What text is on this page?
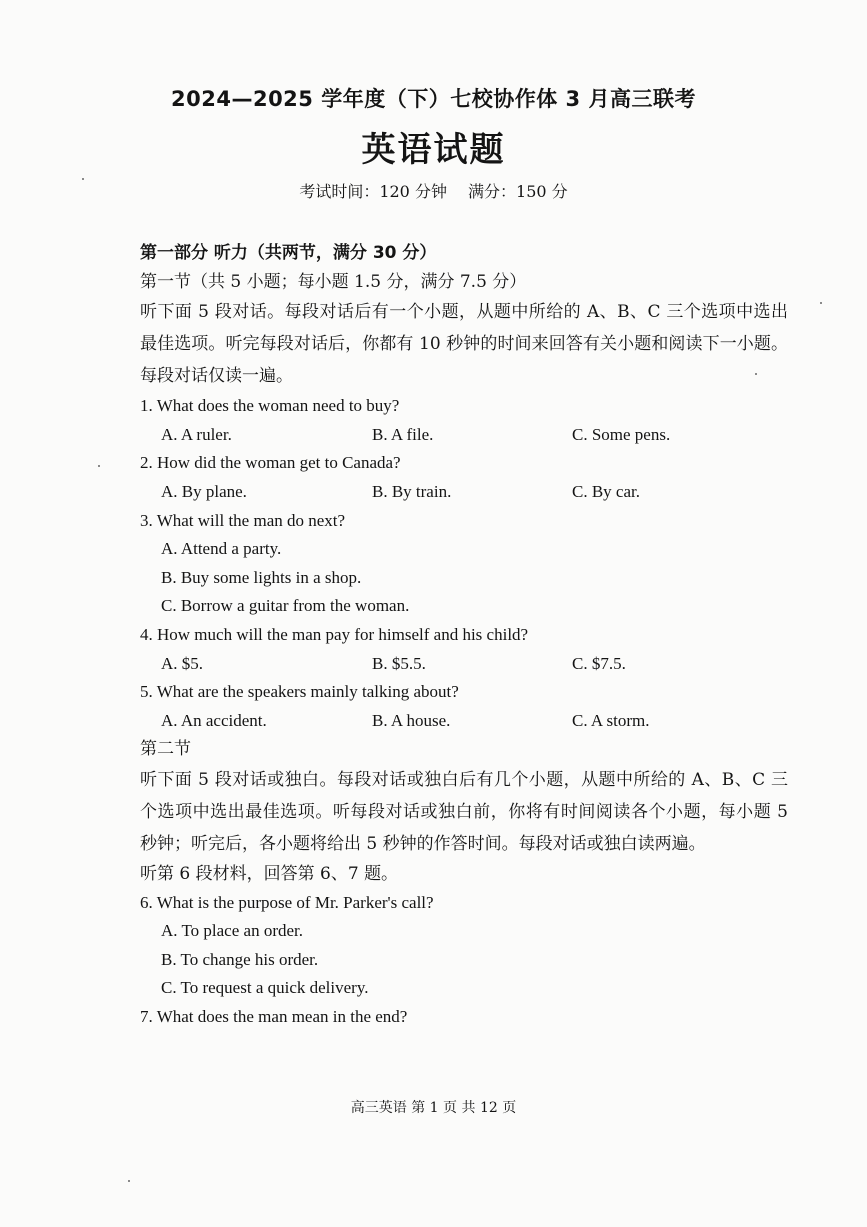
2024—2025 学年度（下）七校协作体 3 月高三联考
英语试题
考试时间：120 分钟 满分：150 分
第一部分 听力（共两节，满分 30 分）
第一节（共 5 小题；每小题 1.5 分，满分 7.5 分）

听下面 5 段对话。每段对话后有一个小题，从题中所给的 A、B、C 三个选项中选出最佳选项。听完每段对话后，你都有 10 秒钟的时间来回答有关小题和阅读下一小题。每段对话仅读一遍。

1. What does the woman need to buy?
A. A ruler.	B. A file.	C. Some pens.
2. How did the woman get to Canada?
A. By plane.	B. By train.	C. By car.
3. What will the man do next?
A. Attend a party.
B. Buy some lights in a shop.
C. Borrow a guitar from the woman.
4. How much will the man pay for himself and his child?
A. $5.	B. $5.5.	C. $7.5.
5. What are the speakers mainly talking about?
A. An accident.	B. A house.	C. A storm.
第二节

听下面 5 段对话或独白。每段对话或独白后有几个小题，从题中所给的 A、B、C 三个选项中选出最佳选项。听每段对话或独白前，你将有时间阅读各个小题，每小题 5 秒钟；听完后，各小题将给出 5 秒钟的作答时间。每段对话或独白读两遍。

听第 6 段材料，回答第 6、7 题。
6. What is the purpose of Mr. Parker's call?
A. To place an order.
B. To change his order.
C. To request a quick delivery.
7. What does the man mean in the end?
高三英语 第 1 页 共 12 页
